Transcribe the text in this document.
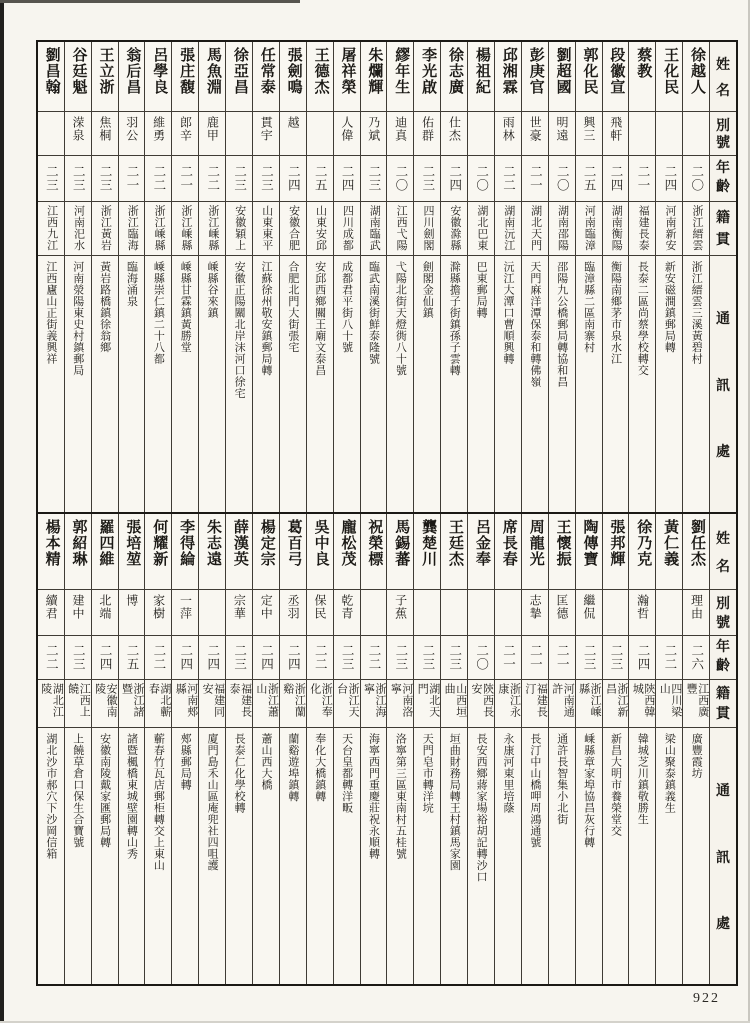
姓
名
別
號
年
齡
籍
貫
通
訊
處
徐越人
二〇
浙江縉雲
浙江縉雲三溪黃碧村
王化民
二四
河南新安
新安磁澗鎮郵局轉
蔡教
二一
福建長泰
長泰二區尚蔡學校轉交
段徽宣
飛軒
二四
湖南衡陽
衡陽南鄉茅市泉水江
郭化民
興三
二五
河南臨漳
臨漳縣二區南寨村
劉超國
明遠
二〇
湖南邵陽
邵陽九公橋郵局轉協和昌
彭庚官
世豪
二一
湖北天門
天門麻洋潭保泰和轉佛嶺
邱湘霖
雨林
二二
湖南沅江
沅江大潭口曹順興轉
楊祖紀
二〇
湖北巴東
巴東郵局轉
徐志廣
仕杰
二四
安徽滁縣
滁縣擔子街鎮孫子雲轉
李光啟
佑群
二三
四川劍閣
劍閣金仙鎮
繆年生
迪真
二〇
江西弋陽
弋陽北街天燈衖八十號
朱爛輝
乃斌
二三
湖南臨武
臨武南溪街鮮泰隆號
屠祥榮
人偉
二四
四川成都
成都君平街八十號
王德杰
二五
山東安邱
安邱西鄉關王廟文泰昌
張劍鳴
越
二四
安徽合肥
合肥北門大街張宅
任常泰
貫宇
二三
山東東平
江蘇徐州敬安鎮郵局轉
徐亞昌
二三
安徽穎上
安徽正陽關北岸沫河口徐宅
馬魚淵
鹿甲
二二
浙江嵊縣
嵊縣谷來鎮
張庄馥
郎辛
二一
浙江嵊縣
嵊縣甘霖鎮黃勝堂
呂學良
維勇
二二
浙江嵊縣
嵊縣崇仁鎮二十八都
翁后昌
羽公
二一
浙江臨海
臨海涌泉
王立浙
焦桐
二三
浙江黃岩
黃岩路橋鎮徐翁鄉
谷廷魁
溁泉
二三
河南汜水
河南滎陽東史村鎮郵局
劉昌翰
二三
江西九江
江西廬山正街義興祥
姓
名
別
號
年
齡
籍
貫
通
訊
處
劉任杰
理由
二六
江西廣豐
廣豐霞坊
黃仁義
二二
四川梁山
梁山聚泰鎮義生
徐乃克
瀚哲
二四
陝西韓城
韓城芝川鎮敬勝生
張邦輝
二三
浙江新昌
新昌大明市養榮堂交
陶傳寶
繼侃
二三
浙江嵊縣
嵊縣章家埠協昌灰行轉
王懷振
匡德
二一
河南通許
通許長智集小北街
周龍光
志摯
二一
福建長汀
長汀中山橋呷周鴻通號
席長春
二一
浙江永康
永康河東里培蔭
呂金奉
二〇
陝西長安
長安西鄉蔣家場裕胡記轉沙口
王廷杰
二三
山西垣曲
垣曲財務局轉王村鎮馬家園
龔楚川
二三
湖北天門
天門皂市轉洋垸
馬錫蕃
子蕉
二三
河南洛寧
洛寧第三區東南村五桂號
祝榮標
二二
浙江海寧
海寧西門重慶莊祝永順轉
龐松茂
乾青
二三
浙江天台
天台皇都轉洋畈
吳中良
保民
二二
浙江奉化
奉化大橋鎮轉
葛百弓
丞羽
二四
浙江蘭谿
蘭谿遊埠鎮轉
楊定宗
定中
二四
浙江蕭山
蕭山西大橋
薛漢英
宗華
二三
福建長泰
長泰仁化學校轉
朱志遠
二四
福建同安
廈門島禾山區庵兜社四咀護
李得綸
一萍
二四
河南郟縣
郟縣郵局轉
何耀新
家樹
二二
湖北蘄春
蘄春竹瓦店郵柜轉交上東山
張培堃
博
二五
浙江諸暨
諸暨楓橋東城壁園轉山秀
羅四維
北端
二四
安徽南陵
安徽南陵戴家匯郵局轉
郭紹琳
建中
二三
江西上饒
上饒草倉口保生合寶號
楊本精
續君
二二
湖北江陵
湖北沙市郝穴下沙岡信箱
922
